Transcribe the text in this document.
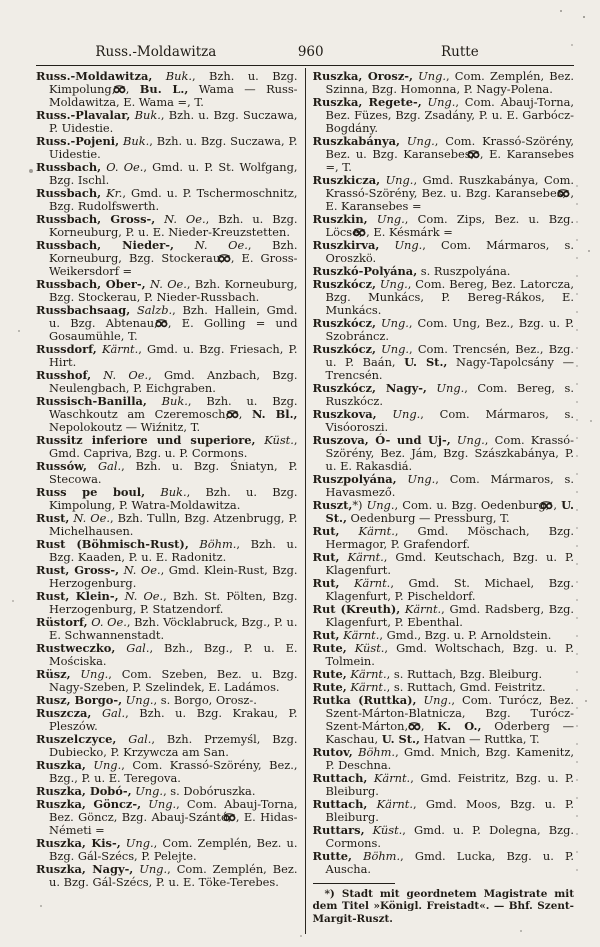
Russ.-Moldawitza	960	Rutte

Russ.-Moldawitza, Buk., Bzh. u. Bzg. Kimpolung, , Bu. L., Wama — Russ-Moldawitza, E. Wama =, T.

Russ.-Plavalar, Buk., Bzh. u. Bzg. Suczawa, P. Uidestie.

Russ.-Pojeni, Buk., Bzh. u. Bzg. Suczawa, P. Uidestie.

Russbach, O. Oe., Gmd. u. P. St. Wolfgang, Bzg. Ischl.

Russbach, Kr., Gmd. u. P. Tschermoschnitz, Bzg. Rudolfswerth.

Russbach, Gross-, N. Oe., Bzh. u. Bzg. Korneuburg, P. u. E. Nieder-Kreuzstetten.

Russbach, Nieder-, N. Oe., Bzh. Korneuburg, Bzg. Stockerau, , E. Gross-Weikersdorf =

Russbach, Ober-, N. Oe., Bzh. Korneuburg, Bzg. Stockerau, P. Nieder-Russbach.

Russbachsaag, Salzb., Bzh. Hallein, Gmd. u. Bzg. Abtenau, , E. Golling = und Gosaumühle, T.

Russdorf, Kärnt., Gmd. u. Bzg. Friesach, P. Hirt.

Russhof, N. Oe., Gmd. Anzbach, Bzg. Neulengbach, P. Eichgraben.

Russisch-Banilla, Buk., Bzh. u. Bzg. Waschkoutz am Czeremosch, , N. Bl., Nepolokoutz — Wiźnitz, T.

Russitz inferiore und superiore, Küst., Gmd. Capriva, Bzg. u. P. Cormons.

Russów, Gal., Bzh. u. Bzg. Śniatyn, P. Stecowa.

Russ pe boul, Buk., Bzh. u. Bzg. Kimpolung, P. Watra-Moldawitza.

Rust, N. Oe., Bzh. Tulln, Bzg. Atzenbrugg, P. Michelhausen.

Rust (Böhmisch-Rust), Böhm., Bzh. u. Bzg. Kaaden, P. u. E. Radonitz.

Rust, Gross-, N. Oe., Gmd. Klein-Rust, Bzg. Herzogenburg.

Rust, Klein-, N. Oe., Bzh. St. Pölten, Bzg. Herzogenburg, P. Statzendorf.

Rüstorf, O. Oe., Bzh. Vöcklabruck, Bzg., P. u. E. Schwannenstadt.

Rustweczko, Gal., Bzh., Bzg., P. u. E. Mościska.

Rüsz, Ung., Com. Szeben, Bez. u. Bzg. Nagy-Szeben, P. Szelindek, E. Ladámos.

Rusz, Borgo-, Ung., s. Borgo, Orosz-.

Ruszcza, Gal., Bzh. u. Bzg. Krakau, P. Pleszów.

Ruszelczyce, Gal., Bzh. Przemyśl, Bzg. Dubiecko, P. Krzywcza am San.

Ruszka, Ung., Com. Krassó-Szörény, Bez., Bzg., P. u. E. Teregova.

Ruszka, Dobó-, Ung., s. Dobóruszka.

Ruszka, Göncz-, Ung., Com. Abauj-Torna, Bez. Göncz, Bzg. Abauj-Szántó, , E. Hidas-Németi =

Ruszka, Kis-, Ung., Com. Zemplén, Bez. u. Bzg. Gál-Szécs, P. Pelejte.

Ruszka, Nagy-, Ung., Com. Zemplén, Bez. u. Bzg. Gál-Szécs, P. u. E. Töke-Terebes.

Ruszka, Orosz-, Ung., Com. Zemplén, Bez. Szinna, Bzg. Homonna, P. Nagy-Polena.

Ruszka, Regete-, Ung., Com. Abauj-Torna, Bez. Füzes, Bzg. Zsadány, P. u. E. Garbócz-Bogdány.

Ruszkabánya, Ung., Com. Krassó-Szörény, Bez. u. Bzg. Karansebes, , E. Karansebes =, T.

Ruszkicza, Ung., Gmd. Ruszkabánya, Com. Krassó-Szörény, Bez. u. Bzg. Karansebes, , E. Karansebes =

Ruszkin, Ung., Com. Zips, Bez. u. Bzg. Löcse, , E. Késmárk =

Ruszkirva, Ung., Com. Mármaros, s. Oroszkö.

Ruszkó-Polyána, s. Ruszpolyána.

Ruszkócz, Ung., Com. Bereg, Bez. Latorcza, Bzg. Munkács, P. Bereg-Rákos, E. Munkács.

Ruszkócz, Ung., Com. Ung, Bez., Bzg. u. P. Szobráncz.

Ruszkócz, Ung., Com. Trencsén, Bez., Bzg. u. P. Baán, U. St., Nagy-Tapolcsány — Trencsén.

Ruszkócz, Nagy-, Ung., Com. Bereg, s. Ruszkócz.

Ruszkova, Ung., Com. Mármaros, s. Visóoroszi.

Ruszova, Ó- und Uj-, Ung., Com. Krassó-Szörény, Bez. Jám, Bzg. Szászkabánya, P. u. E. Rakasdiá.

Ruszpolyána, Ung., Com. Mármaros, s. Havasmező.

Ruszt,*) Ung., Com. u. Bzg. Oedenburg, , U. St., Oedenburg — Pressburg, T.

Rut, Kärnt., Gmd. Möschach, Bzg. Hermagor, P. Grafendorf.

Rut, Kärnt., Gmd. Keutschach, Bzg. u. P. Klagenfurt.

Rut, Kärnt., Gmd. St. Michael, Bzg. Klagenfurt, P. Pischeldorf.

Rut (Kreuth), Kärnt., Gmd. Radsberg, Bzg. Klagenfurt, P. Ebenthal.

Rut, Kärnt., Gmd., Bzg. u. P. Arnoldstein.

Rute, Küst., Gmd. Woltschach, Bzg. u. P. Tolmein.

Rute, Kärnt., s. Ruttach, Bzg. Bleiburg.

Rute, Kärnt., s. Ruttach, Gmd. Feistritz.

Rutka (Ruttka), Ung., Com. Turócz, Bez. Szent-Márton-Blatnicza, Bzg. Turócz-Szent-Márton, , K. O., Oderberg — Kaschau, U. St., Hatvan — Ruttka, T.

Rutov, Böhm., Gmd. Mnich, Bzg. Kamenitz, P. Deschna.

Ruttach, Kärnt., Gmd. Feistritz, Bzg. u. P. Bleiburg.

Ruttach, Kärnt., Gmd. Moos, Bzg. u. P. Bleiburg.

Ruttars, Küst., Gmd. u. P. Dolegna, Bzg. Cormons.

Rutte, Böhm., Gmd. Lucka, Bzg. u. P. Auscha.

*) Stadt mit geordnetem Magistrate mit dem Titel »Königl. Freistadt«. — Bhf. Szent-Margit-Ruszt.
